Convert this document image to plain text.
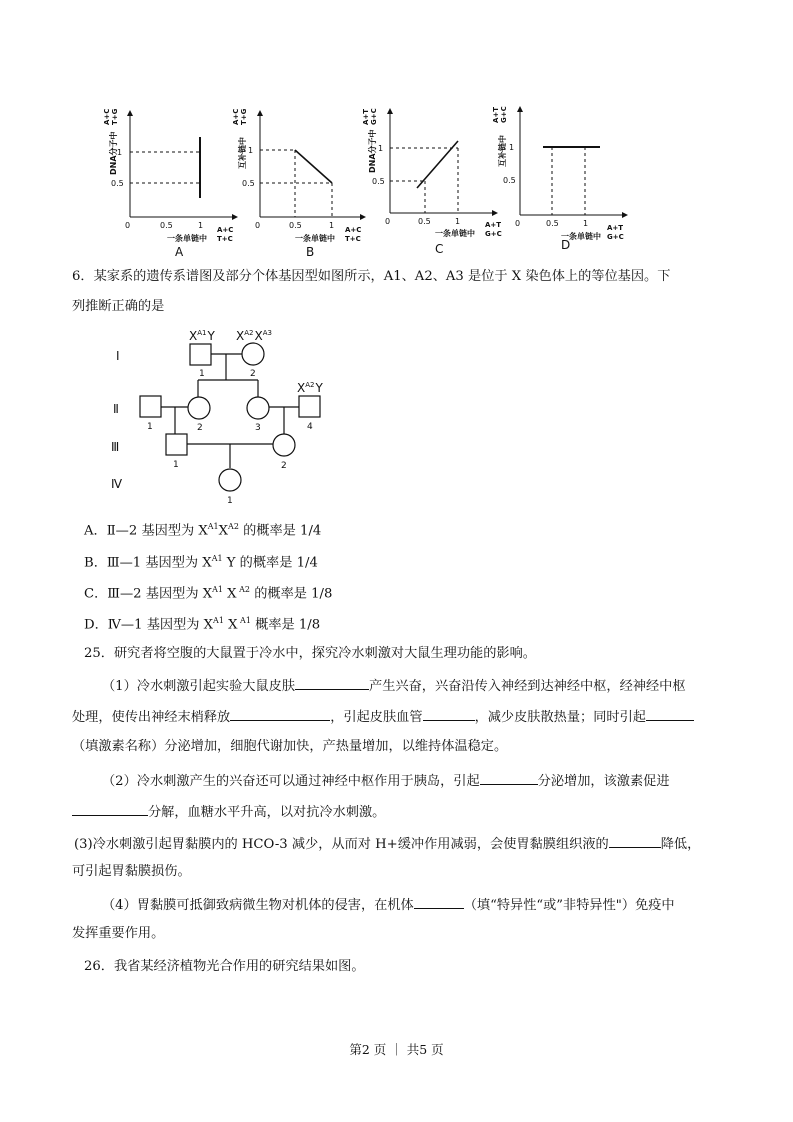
DNA分子中
A+C T+G
1
0.5
0	0.5	1
一条单链中
A+C
T+C
A
互补链中
A+C T+G
1
0.5
0	0.5	1
一条单链中
A+C
T+C
B
DNA分子中
A+T G+C
1
0.5
0	0.5	1
一条单链中
A+T
G+C
C
互补链中
A+T G+C
1
0.5
0	0.5	1
一条单链中
A+T
G+C
D
6．某家系的遗传系谱图及部分个体基因型如图所示，A1、A2、A3 是位于 X 染色体上的等位基因。下
列推断正确的是
Ⅰ
Ⅱ
Ⅲ
Ⅳ
1	2
1	2	3	4
1	2
1
$X^{A1}Y$ $X^{A2}X^{A3}$
$X^{A2}Y$
A．Ⅱ—2 基因型为 $X^{A1}X^{A2}$ 的概率是 1/4
B．Ⅲ—1 基因型为 $X^{A1}$ Y 的概率是 1/4
C．Ⅲ—2 基因型为 $X^{A1}$ X $^{A2}$ 的概率是 1/8
D．Ⅳ—1 基因型为 $X^{A1}$ X $^{A1}$ 概率是 1/8
25．研究者将空腹的大鼠置于冷水中，探究冷水刺激对大鼠生理功能的影响。
（1）冷水刺激引起实验大鼠皮肤	产生兴奋，兴奋沿传入神经到达神经中枢，经神经中枢
处理，使传出神经末梢释放	，引起皮肤血管	，减少皮肤散热量；同时引起
（填激素名称）分泌增加，细胞代谢加快，产热量增加，以维持体温稳定。
（2）冷水刺激产生的兴奋还可以通过神经中枢作用于胰岛，引起	分泌增加，该激素促进
分解，血糖水平升高，以对抗冷水刺激。
(3)冷水刺激引起胃黏膜内的 HCO-3 减少，从而对 H+缓冲作用减弱，会使胃黏膜组织液的	降低，
可引起胃黏膜损伤。
（4）胃黏膜可抵御致病微生物对机体的侵害，在机体	（填“特异性“或”非特异性"）免疫中
发挥重要作用。
26．我省某经济植物光合作用的研究结果如图。
第2 页 ｜ 共5 页
